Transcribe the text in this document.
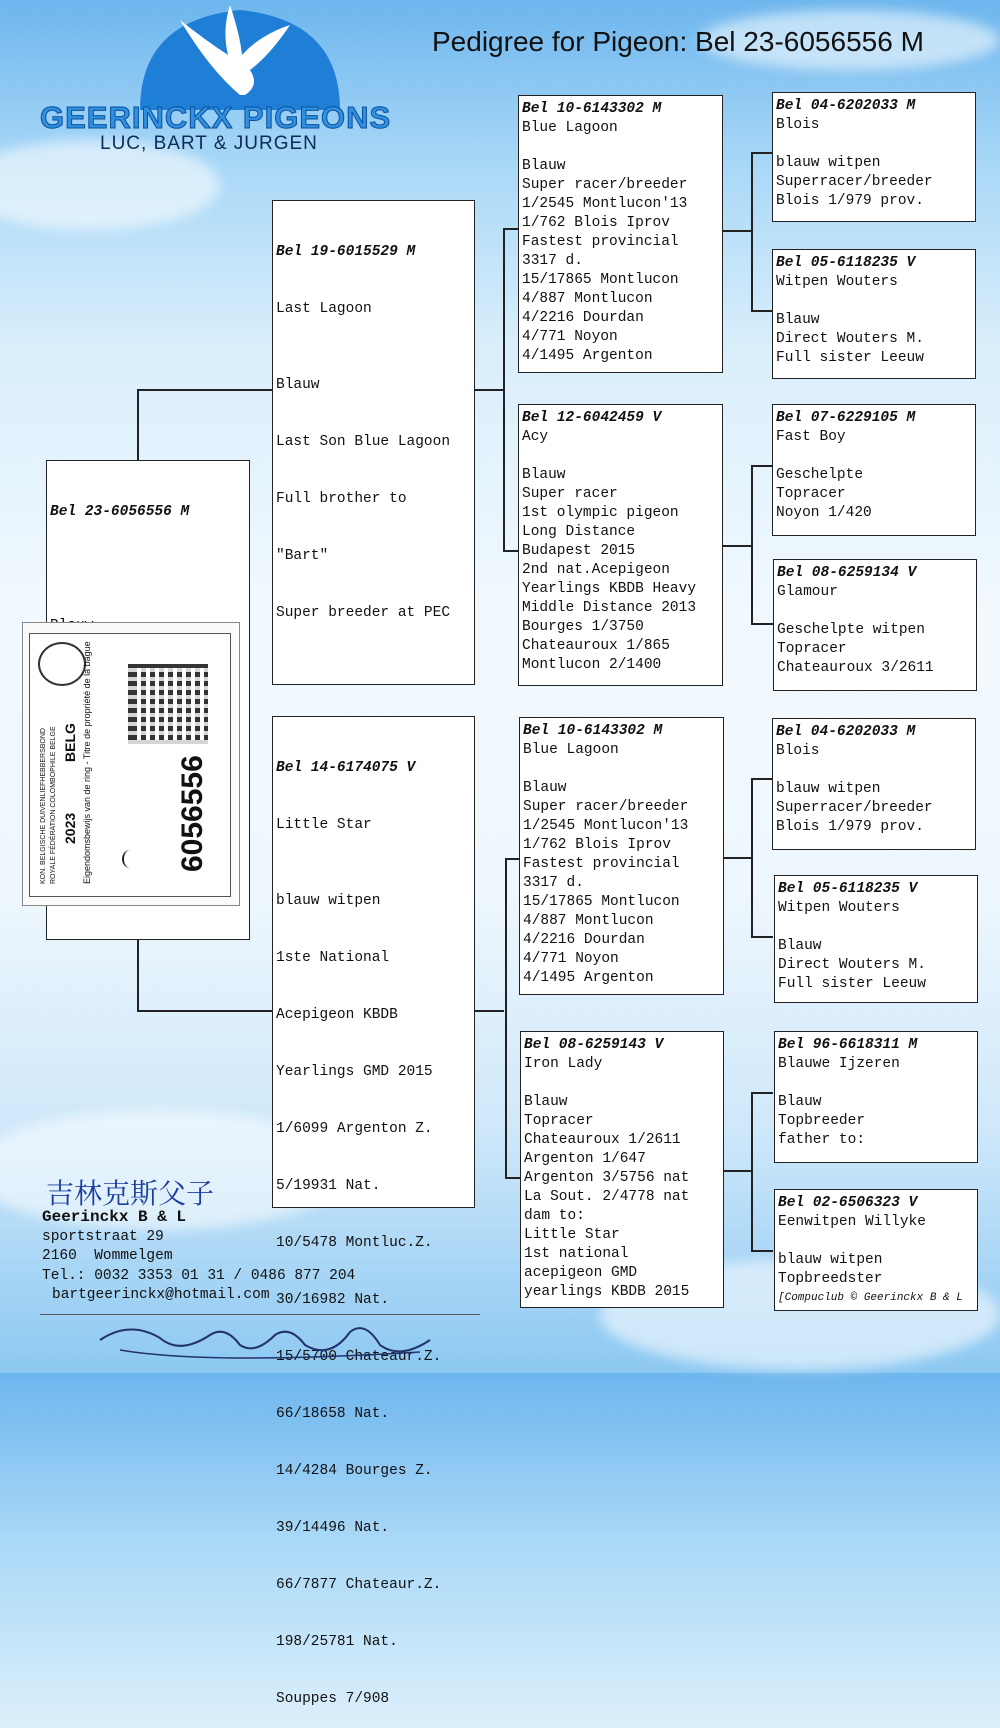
GEERINCKX PIGEONS
LUC, BART & JURGEN
Pedigree for Pigeon: Bel 23-6056556 M

Bel 23-6056556 M

KON. BELGISCHE DUIVENLIEFHEBBERSBOND ROYALE FÉDÉRATION COLOMBOPHILE BELGE 2023
BELG Eigendomsbewijs van de ring - Titre de propriété de la bague	6056556

Bel 19-6015529 M

Last Lagoon

Blauw

Last Son Blue Lagoon

Full brother to

"Bart"

Super breeder at PEC

Bel 14-6174075 V

Little Star

blauw witpen

1ste National

Acepigeon KBDB

Yearlings GMD 2015

1/6099 Argenton Z.

5/19931 Nat.

10/5478 Montluc.Z.

30/16982 Nat.

15/5700 Chateaur.Z.

66/18658 Nat.

14/4284 Bourges Z.

39/14496 Nat.

66/7877 Chateaur.Z.

198/25781 Nat.

Souppes 7/908

Bel 10-6143302 M
Blue Lagoon
Blauw
Super racer/breeder
1/2545 Montlucon'13
1/762 Blois Iprov
Fastest provincial
3317 d.
15/17865 Montlucon
4/887 Montlucon
4/2216 Dourdan
4/771 Noyon
4/1495 Argenton
Bel 12-6042459 V
Acy
Blauw
Super racer
1st olympic pigeon
Long Distance
Budapest 2015
2nd nat.Acepigeon
Yearlings KBDB Heavy
Middle Distance 2013
Bourges 1/3750
Chateauroux 1/865
Montlucon 2/1400
Bel 10-6143302 M
Blue Lagoon
Blauw
Super racer/breeder
1/2545 Montlucon'13
1/762 Blois Iprov
Fastest provincial
3317 d.
15/17865 Montlucon
4/887 Montlucon
4/2216 Dourdan
4/771 Noyon
4/1495 Argenton
Bel 08-6259143 V
Iron Lady
Blauw
Topracer
Chateauroux 1/2611
Argenton 1/647
Argenton 3/5756 nat
La Sout. 2/4778 nat
dam to:
Little Star
1st national
acepigeon GMD
yearlings KBDB 2015
Bel 04-6202033 M
Blois
blauw witpen
Superracer/breeder
Blois 1/979 prov.
Bel 05-6118235 V
Witpen Wouters
Blauw
Direct Wouters M.
Full sister Leeuw
Bel 07-6229105 M
Fast Boy
Geschelpte
Topracer
Noyon 1/420
Bel 08-6259134 V
Glamour
Geschelpte witpen
Topracer
Chateauroux 3/2611
Bel 04-6202033 M
Blois
blauw witpen
Superracer/breeder
Blois 1/979 prov.
Bel 05-6118235 V
Witpen Wouters
Blauw
Direct Wouters M.
Full sister Leeuw
Bel 96-6618311 M
Blauwe Ijzeren
Blauw
Topbreeder
father to:
Bel 02-6506323 V
Eenwitpen Willyke
blauw witpen
Topbreedster
[Compuclub © Geerinckx B & L
吉林克斯父子
Geerinckx B & L
sportstraat 29
2160  Wommelgem
Tel.: 0032 3353 01 31 / 0486 877 204
bartgeerinckx@hotmail.com
